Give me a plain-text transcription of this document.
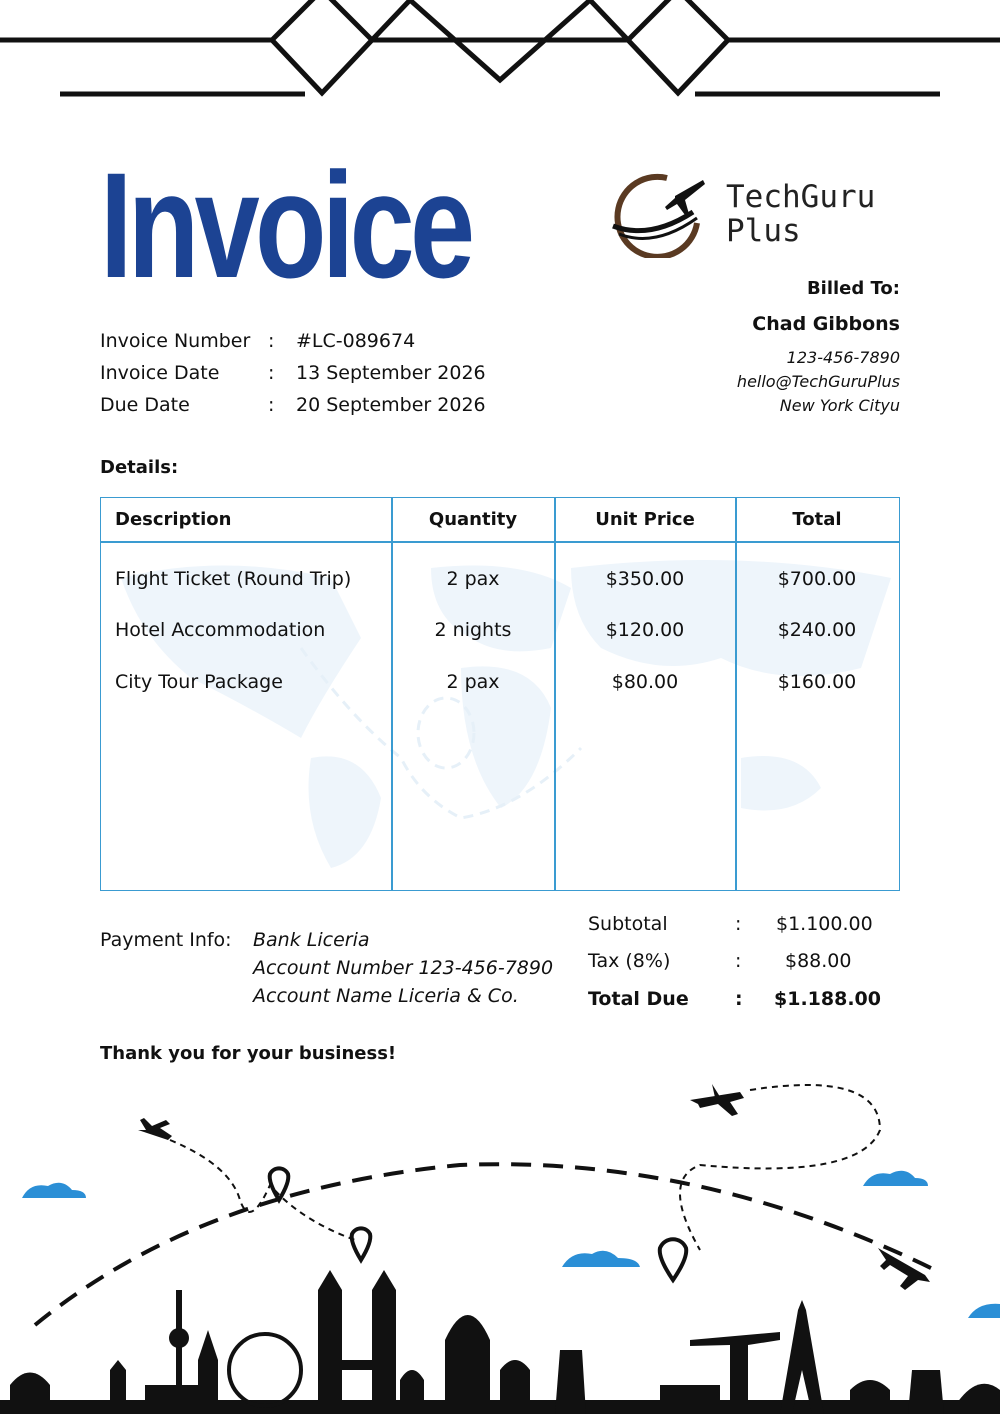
Invoice	TechGuru
Plus
Invoice Number : #LC-089674
Invoice Date	: 13 September 2026
Due Date	: 20 September 2026
Billed To:
Chad Gibbons
123-456-7890
hello@TechGuruPlus
New York Cityu
Details:
Description	Quantity	Unit Price	Total
Flight Ticket (Round Trip)	2 pax	$350.00	$700.00
Hotel Accommodation	2 nights	$120.00	$240.00
City Tour Package	2 pax	$80.00	$160.00
Payment Info: Bank Liceria
Account Number 123-456-7890
Account Name Liceria & Co.
Subtotal	: $1.100.00
Tax (8%)	: $88.00
Total Due : $1.188.00
Thank you for your business!
